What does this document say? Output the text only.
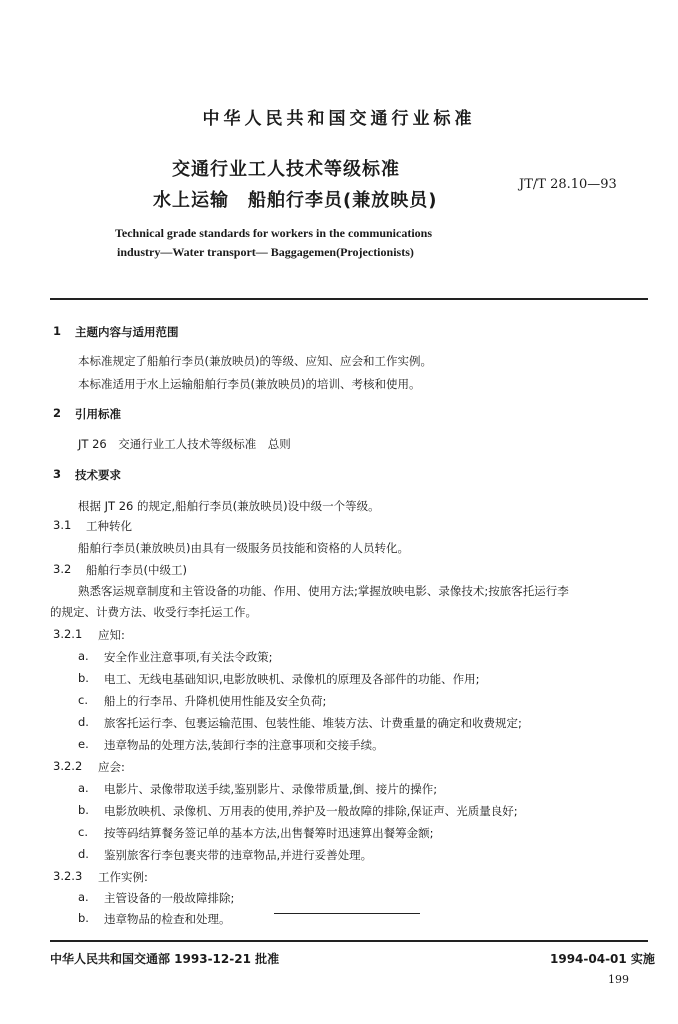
中华人民共和国交通行业标准
交通行业工人技术等级标准
水上运输　船舶行李员(兼放映员)
JT/T 28.10—93
Technical grade standards for workers in the communications
industry—Water transport— Baggagemen(Projectionists)
1 主题内容与适用范围
本标准规定了船舶行李员(兼放映员)的等级、应知、应会和工作实例。
本标准适用于水上运输船舶行李员(兼放映员)的培训、考核和使用。
2 引用标准
JT 26　交通行业工人技术等级标准　总则
3 技术要求
根据 JT 26 的规定,船舶行李员(兼放映员)设中级一个等级。
3.1 工种转化
船舶行李员(兼放映员)由具有一级服务员技能和资格的人员转化。
3.2 船舶行李员(中级工)
熟悉客运规章制度和主管设备的功能、作用、使用方法;掌握放映电影、录像技术;按旅客托运行李
的规定、计费方法、收受行李托运工作。
3.2.1 应知:
a. 安全作业注意事项,有关法令政策;
b. 电工、无线电基础知识,电影放映机、录像机的原理及各部件的功能、作用;
c. 船上的行李吊、升降机使用性能及安全负荷;
d. 旅客托运行李、包裹运输范围、包装性能、堆装方法、计费重量的确定和收费规定;
e. 违章物品的处理方法,装卸行李的注意事项和交接手续。
3.2.2 应会:
a. 电影片、录像带取送手续,鉴别影片、录像带质量,倒、接片的操作;
b. 电影放映机、录像机、万用表的使用,养护及一般故障的排除,保证声、光质量良好;
c. 按等码结算餐务签记单的基本方法,出售餐筹时迅速算出餐筹金额;
d. 鉴别旅客行李包裹夹带的违章物品,并进行妥善处理。
3.2.3 工作实例:
a. 主管设备的一般故障排除;
b. 违章物品的检查和处理。
中华人民共和国交通部 1993-12-21 批准	1994-04-01 实施
199
